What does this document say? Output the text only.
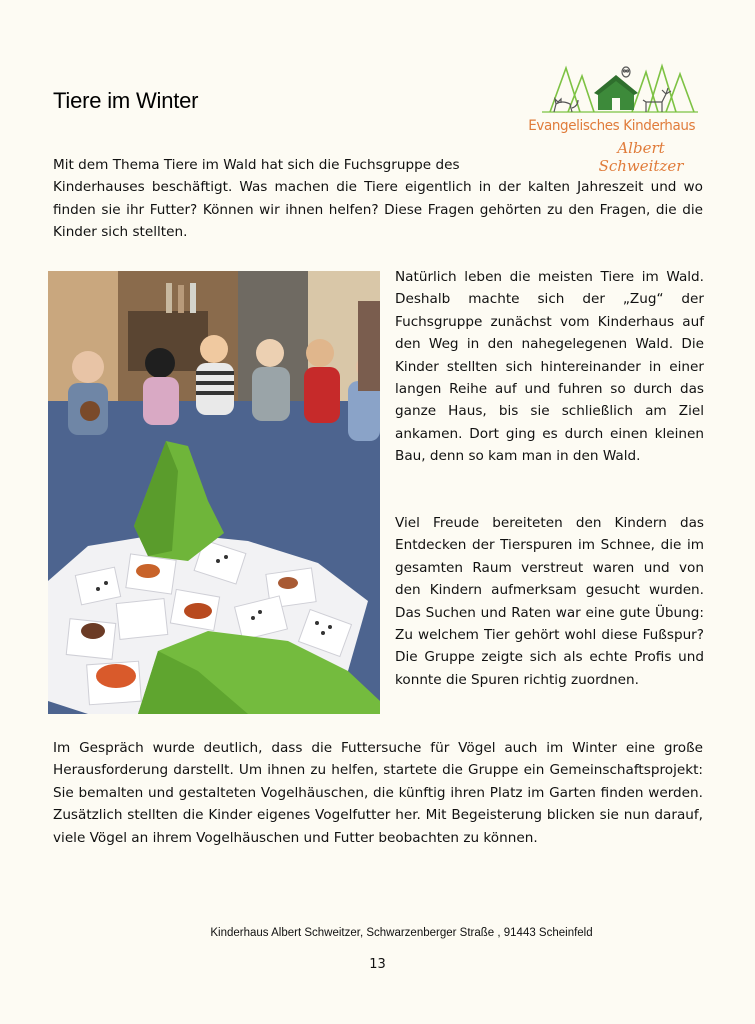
Tiere im Winter
Evangelisches Kinderhaus
Albert Schweitzer
Mit dem Thema Tiere im Wald hat sich die Fuchsgruppe des
Kinderhauses beschäftigt. Was machen die Tiere eigentlich in der kalten Jahreszeit und wo finden sie ihr Futter? Können wir ihnen helfen? Diese Fragen gehörten zu den Fragen, die die Kinder sich stellten.

Natürlich leben die meisten Tiere im Wald. Deshalb machte sich der „Zug“ der Fuchsgruppe zunächst vom Kinderhaus auf den Weg in den nahegelegenen Wald. Die Kinder stellten sich hintereinander in einer langen Reihe auf und fuhren so durch das ganze Haus, bis sie schließlich am Ziel ankamen. Dort ging es durch einen kleinen Bau, denn so kam man in den Wald.

Viel Freude bereiteten den Kindern das Entdecken der Tierspuren im Schnee, die im gesamten Raum verstreut waren und von den Kindern aufmerksam gesucht wurden. Das Suchen und Raten war eine gute Übung: Zu welchem Tier gehört wohl diese Fußspur? Die Gruppe zeigte sich als echte Profis und konnte die Spuren richtig zuordnen.

Im Gespräch wurde deutlich, dass die Futtersuche für Vögel auch im Winter eine große Herausforderung darstellt. Um ihnen zu helfen, startete die Gruppe ein Gemeinschaftsprojekt: Sie bemalten und gestalteten Vogelhäuschen, die künftig ihren Platz im Garten finden werden. Zusätzlich stellten die Kinder eigenes Vogelfutter her. Mit Begeisterung blicken sie nun darauf, viele Vögel an ihrem Vogelhäuschen und Futter beobachten zu können.

Kinderhaus Albert Schweitzer, Schwarzenberger Straße , 91443 Scheinfeld
13
